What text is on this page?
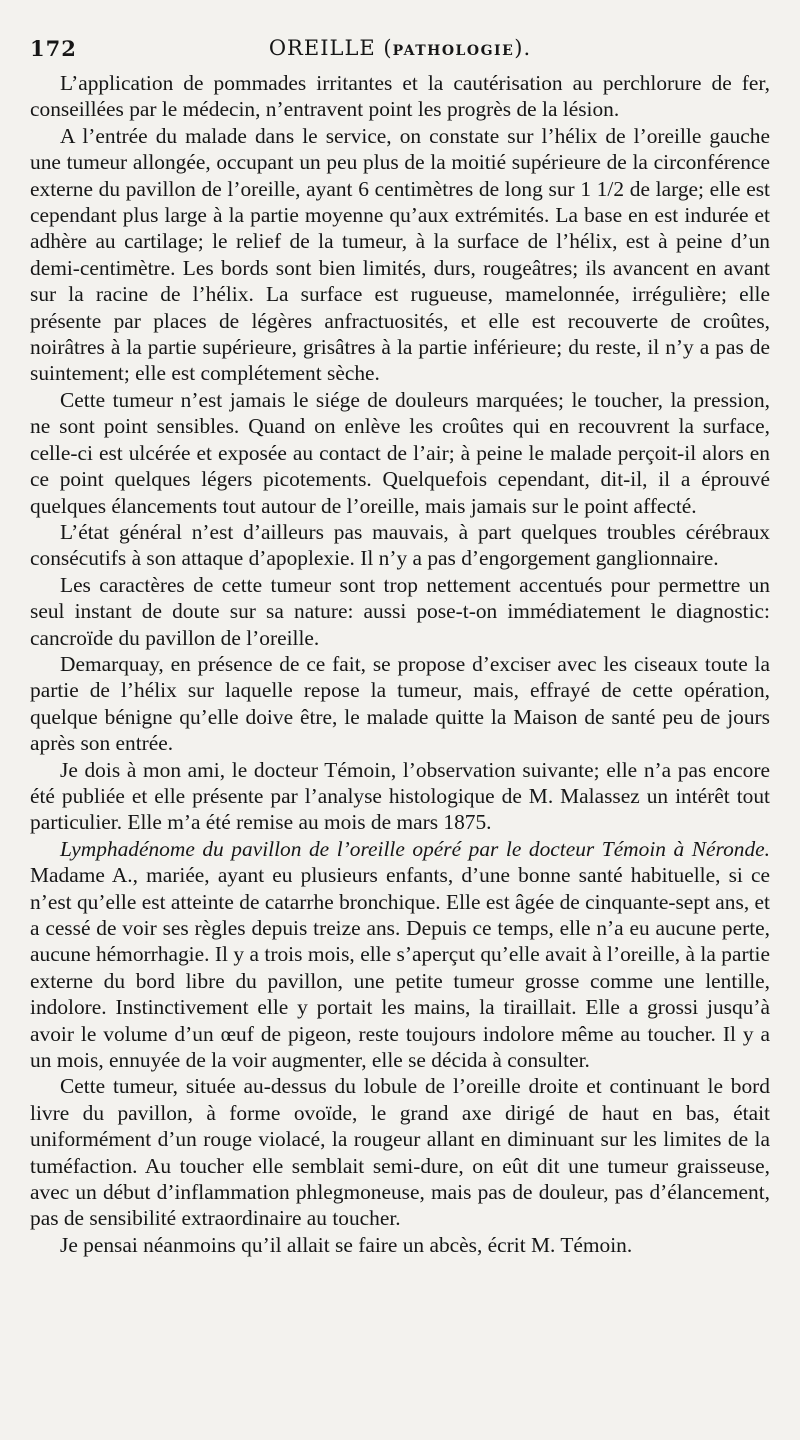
172	OREILLE (PATHOLOGIE).

L’application de pommades irritantes et la cautérisation au perchlorure de fer, conseillées par le médecin, n’entravent point les progrès de la lésion.

A l’entrée du malade dans le service, on constate sur l’hélix de l’oreille gauche une tumeur allongée, occupant un peu plus de la moitié supérieure de la circonférence externe du pavillon de l’oreille, ayant 6 centimètres de long sur 1 1/2 de large; elle est cependant plus large à la partie moyenne qu’aux extrémités. La base en est indurée et adhère au cartilage; le relief de la tumeur, à la surface de l’hélix, est à peine d’un demi-centimètre. Les bords sont bien limités, durs, rougeâtres; ils avancent en avant sur la racine de l’hélix. La surface est rugueuse, mamelonnée, irrégulière; elle présente par places de légères anfractuosités, et elle est recouverte de croûtes, noirâtres à la partie supérieure, grisâtres à la partie inférieure; du reste, il n’y a pas de suintement; elle est complétement sèche.

Cette tumeur n’est jamais le siége de douleurs marquées; le toucher, la pression, ne sont point sensibles. Quand on enlève les croûtes qui en recouvrent la surface, celle-ci est ulcérée et exposée au contact de l’air; à peine le malade perçoit-il alors en ce point quelques légers picotements. Quelquefois cependant, dit-il, il a éprouvé quelques élancements tout autour de l’oreille, mais jamais sur le point affecté.

L’état général n’est d’ailleurs pas mauvais, à part quelques troubles cérébraux consécutifs à son attaque d’apoplexie. Il n’y a pas d’engorgement ganglionnaire.

Les caractères de cette tumeur sont trop nettement accentués pour permettre un seul instant de doute sur sa nature: aussi pose-t-on immédiatement le diagnostic: cancroïde du pavillon de l’oreille.

Demarquay, en présence de ce fait, se propose d’exciser avec les ciseaux toute la partie de l’hélix sur laquelle repose la tumeur, mais, effrayé de cette opération, quelque bénigne qu’elle doive être, le malade quitte la Maison de santé peu de jours après son entrée.

Je dois à mon ami, le docteur Témoin, l’observation suivante; elle n’a pas encore été publiée et elle présente par l’analyse histologique de M. Malassez un intérêt tout particulier. Elle m’a été remise au mois de mars 1875.

Lymphadénome du pavillon de l’oreille opéré par le docteur Témoin à Néronde. Madame A., mariée, ayant eu plusieurs enfants, d’une bonne santé habituelle, si ce n’est qu’elle est atteinte de catarrhe bronchique. Elle est âgée de cinquante-sept ans, et a cessé de voir ses règles depuis treize ans. Depuis ce temps, elle n’a eu aucune perte, aucune hémorrhagie. Il y a trois mois, elle s’aperçut qu’elle avait à l’oreille, à la partie externe du bord libre du pavillon, une petite tumeur grosse comme une lentille, indolore. Instinctivement elle y portait les mains, la tiraillait. Elle a grossi jusqu’à avoir le volume d’un œuf de pigeon, reste toujours indolore même au toucher. Il y a un mois, ennuyée de la voir augmenter, elle se décida à consulter.

Cette tumeur, située au-dessus du lobule de l’oreille droite et continuant le bord livre du pavillon, à forme ovoïde, le grand axe dirigé de haut en bas, était uniformément d’un rouge violacé, la rougeur allant en diminuant sur les limites de la tuméfaction. Au toucher elle semblait semi-dure, on eût dit une tumeur graisseuse, avec un début d’inflammation phlegmoneuse, mais pas de douleur, pas d’élancement, pas de sensibilité extraordinaire au toucher.

Je pensai néanmoins qu’il allait se faire un abcès, écrit M. Témoin.
